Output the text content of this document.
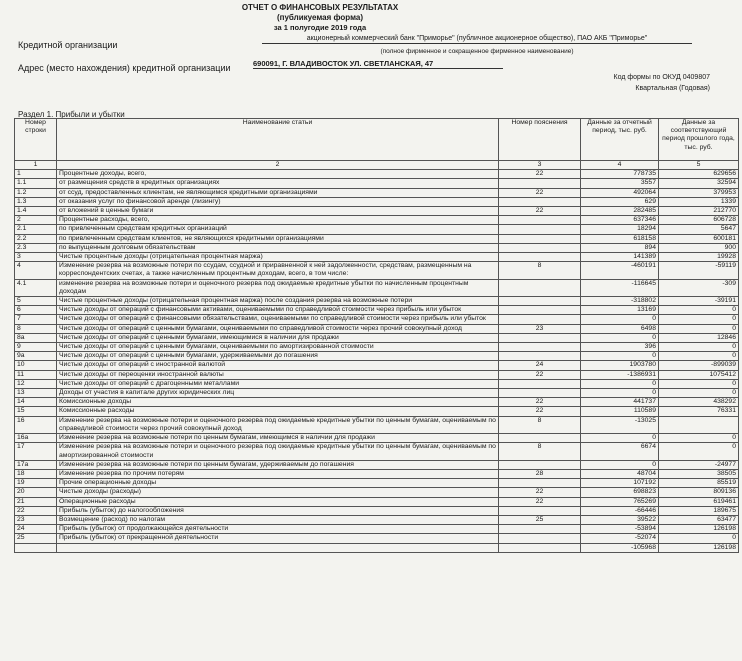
ОТЧЕТ О ФИНАНСОВЫХ РЕЗУЛЬТАТАХ
(публикуемая форма)
за 1 полугодие 2019 года
Кредитной организации
акционерный коммерческий банк "Приморье" (публичное акционерное общество), ПАО АКБ "Приморье"
(полное фирменное и сокращенное фирменное наименование)
Адрес (место нахождения) кредитной организации	690091, Г. ВЛАДИВОСТОК УЛ. СВЕТЛАНСКАЯ, 47
Код формы по ОКУД 0409807
Квартальная (Годовая)
Раздел 1. Прибыли и убытки
Номер строки	Наименование статьи	Номер пояснения	Данные за отчетный период, тыс. руб.	Данные за соответствующий период прошлого года, тыс. руб.
1	2	3	4	5
1	Процентные доходы, всего,	22	778735	629656
1.1	от размещения средств в кредитных организациях		3557	32594
1.2	от ссуд, предоставленных клиентам, не являющимся кредитными организациями	22	492064	379953
1.3	от оказания услуг по финансовой аренде (лизингу)		629	1339
1.4	от вложений в ценные бумаги	22	282485	212770
2	Процентные расходы, всего,		637346	606728
2.1	по привлеченным средствам кредитных организаций		18294	5647
2.2	по привлеченным средствам клиентов, не являющихся кредитными организациями		618158	600181
2.3	по выпущенным долговым обязательствам		894	900
3	Чистые процентные доходы (отрицательная процентная маржа)		141389	19928
4	Изменение резерва на возможные потери по ссудам, ссудной и приравненной к ней задолженности, средствам, размещенным на корреспондентских счетах, а также начисленным процентным доходам, всего, в том числе:	8	-460191	-59119
4.1	изменение резерва на возможные потери и оценочного резерва под ожидаемые кредитные убытки по начисленным процентным доходам		-116645	-309
5	Чистые процентные доходы (отрицательная процентная маржа) после создания резерва на возможные потери		-318802	-39191
6	Чистые доходы от операций с финансовыми активами, оцениваемыми по справедливой стоимости через прибыль или убыток		13169	0
7	Чистые доходы от операций с финансовыми обязательствами, оцениваемыми по справедливой стоимости через прибыль или убыток		0	0
8	Чистые доходы от операций с ценными бумагами, оцениваемыми по справедливой стоимости через прочий совокупный доход	23	6498	0
8а	Чистые доходы от операций с ценными бумагами, имеющимися в наличии для продажи		0	12846
9	Чистые доходы от операций с ценными бумагами, оцениваемыми по амортизированной стоимости		396	0
9а	Чистые доходы от операций с ценными бумагами, удерживаемыми до погашения		0	0
10	Чистые доходы от операций с иностранной валютой	24	1903780	-899039
11	Чистые доходы от переоценки иностранной валюты	22	-1386931	1075412
12	Чистые доходы от операций с драгоценными металлами		0	0
13	Доходы от участия в капитале других юридических лиц		0	0
14	Комиссионные доходы	22	441737	438292
15	Комиссионные расходы	22	110589	76331
16	Изменение резерва на возможные потери и оценочного резерва под ожидаемые кредитные убытки по ценным бумагам, оцениваемым по справедливой стоимости через прочий совокупный доход	8	-13025	
16а	Изменение резерва на возможные потери по ценным бумагам, имеющимся в наличии для продажи		0	0
17	Изменение резерва на возможные потери и оценочного резерва под ожидаемые кредитные убытки по ценным бумагам, оцениваемым по амортизированной стоимости	8	6674	0
17а	Изменение резерва на возможные потери по ценным бумагам, удерживаемым до погашения		0	-24977
18	Изменение резерва по прочим потерям	28	48704	38505
19	Прочие операционные доходы		107192	85519
20	Чистые доходы (расходы)	22	698823	809136
21	Операционные расходы	22	765269	619461
22	Прибыль (убыток) до налогообложения		-66446	189675
23	Возмещение (расход) по налогам	25	39522	63477
24	Прибыль (убыток) от продолжающейся деятельности		-53894	126198
25	Прибыль (убыток) от прекращенной деятельности		-52074	0
			-105968	126198
